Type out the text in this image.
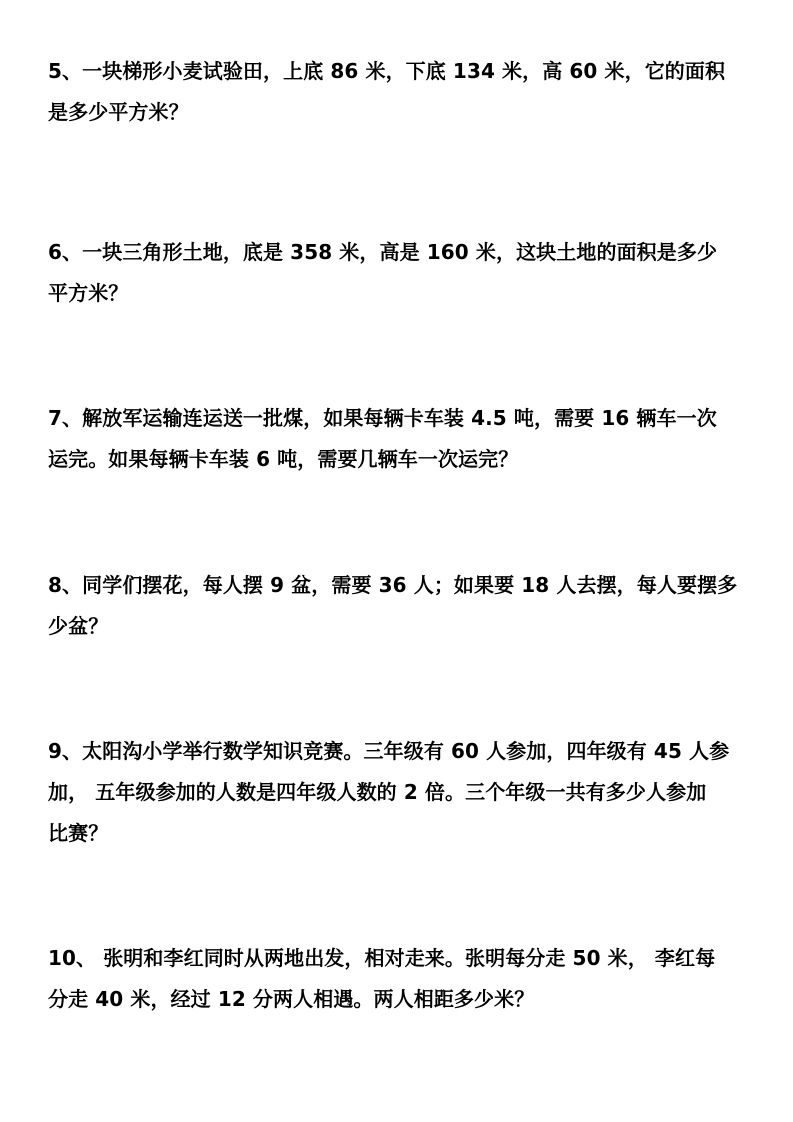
5、一块梯形小麦试验田，上底 86 米，下底 134 米，高 60 米，它的面积
是多少平方米？
6、一块三角形土地，底是 358 米，高是 160 米，这块土地的面积是多少
平方米？
7、解放军运输连运送一批煤，如果每辆卡车装 4.5 吨，需要 16 辆车一次
运完。如果每辆卡车装 6 吨，需要几辆车一次运完？
8、同学们摆花，每人摆 9 盆，需要 36 人；如果要 18 人去摆，每人要摆多
少盆？
9、太阳沟小学举行数学知识竞赛。三年级有 60 人参加，四年级有 45 人参
加， 五年级参加的人数是四年级人数的 2 倍。三个年级一共有多少人参加
比赛？
10、 张明和李红同时从两地出发，相对走来。张明每分走 50 米， 李红每
分走 40 米，经过 12 分两人相遇。两人相距多少米？
